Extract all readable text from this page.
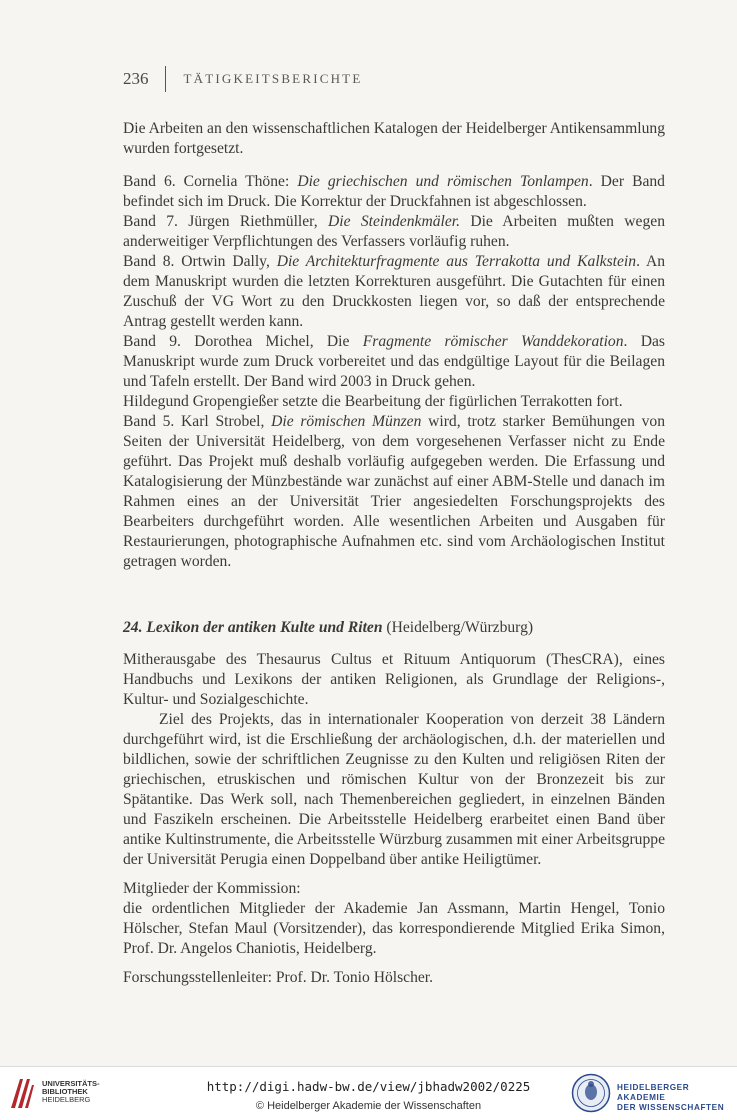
236	TÄTIGKEITSBERICHTE

Die Arbeiten an den wissenschaftlichen Katalogen der Heidelberger Antikensammlung wurden fortgesetzt.

Band 6. Cornelia Thöne: Die griechischen und römischen Tonlampen. Der Band befindet sich im Druck. Die Korrektur der Druckfahnen ist abgeschlossen.

Band 7. Jürgen Riethmüller, Die Steindenkmäler. Die Arbeiten mußten wegen anderweitiger Verpflichtungen des Verfassers vorläufig ruhen.

Band 8. Ortwin Dally, Die Architekturfragmente aus Terrakotta und Kalkstein. An dem Manuskript wurden die letzten Korrekturen ausgeführt. Die Gutachten für einen Zuschuß der VG Wort zu den Druckkosten liegen vor, so daß der entsprechende Antrag gestellt werden kann.

Band 9. Dorothea Michel, Die Fragmente römischer Wanddekoration. Das Manuskript wurde zum Druck vorbereitet und das endgültige Layout für die Beilagen und Tafeln erstellt. Der Band wird 2003 in Druck gehen.

Hildegund Gropengießer setzte die Bearbeitung der figürlichen Terrakotten fort.

Band 5. Karl Strobel, Die römischen Münzen wird, trotz starker Bemühungen von Seiten der Universität Heidelberg, von dem vorgesehenen Verfasser nicht zu Ende geführt. Das Projekt muß deshalb vorläufig aufgegeben werden. Die Erfassung und Katalogisierung der Münzbestände war zunächst auf einer ABM-Stelle und danach im Rahmen eines an der Universität Trier angesiedelten Forschungsprojekts des Bearbeiters durchgeführt worden. Alle wesentlichen Arbeiten und Ausgaben für Restaurierungen, photographische Aufnahmen etc. sind vom Archäologischen Institut getragen worden.

24. Lexikon der antiken Kulte und Riten (Heidelberg/Würzburg)

Mitherausgabe des Thesaurus Cultus et Rituum Antiquorum (ThesCRA), eines Handbuchs und Lexikons der antiken Religionen, als Grundlage der Religions-, Kultur- und Sozialgeschichte.

Ziel des Projekts, das in internationaler Kooperation von derzeit 38 Ländern durchgeführt wird, ist die Erschließung der archäologischen, d.h. der materiellen und bildlichen, sowie der schriftlichen Zeugnisse zu den Kulten und religiösen Riten der griechischen, etruskischen und römischen Kultur von der Bronzezeit bis zur Spätantike. Das Werk soll, nach Themenbereichen gegliedert, in einzelnen Bänden und Faszikeln erscheinen. Die Arbeitsstelle Heidelberg erarbeitet einen Band über antike Kultinstrumente, die Arbeitsstelle Würzburg zusammen mit einer Arbeitsgruppe der Universität Perugia einen Doppelband über antike Heiligtümer.

Mitglieder der Kommission:

die ordentlichen Mitglieder der Akademie Jan Assmann, Martin Hengel, Tonio Hölscher, Stefan Maul (Vorsitzender), das korrespondierende Mitglied Erika Simon, Prof. Dr. Angelos Chaniotis, Heidelberg.

Forschungsstellenleiter: Prof. Dr. Tonio Hölscher.

UNIVERSITÄTS-
BIBLIOTHEK
HEIDELBERG
http://digi.hadw-bw.de/view/jbhadw2002/0225
© Heidelberger Akademie der Wissenschaften
HEIDELBERGER AKADEMIE
DER WISSENSCHAFTEN
